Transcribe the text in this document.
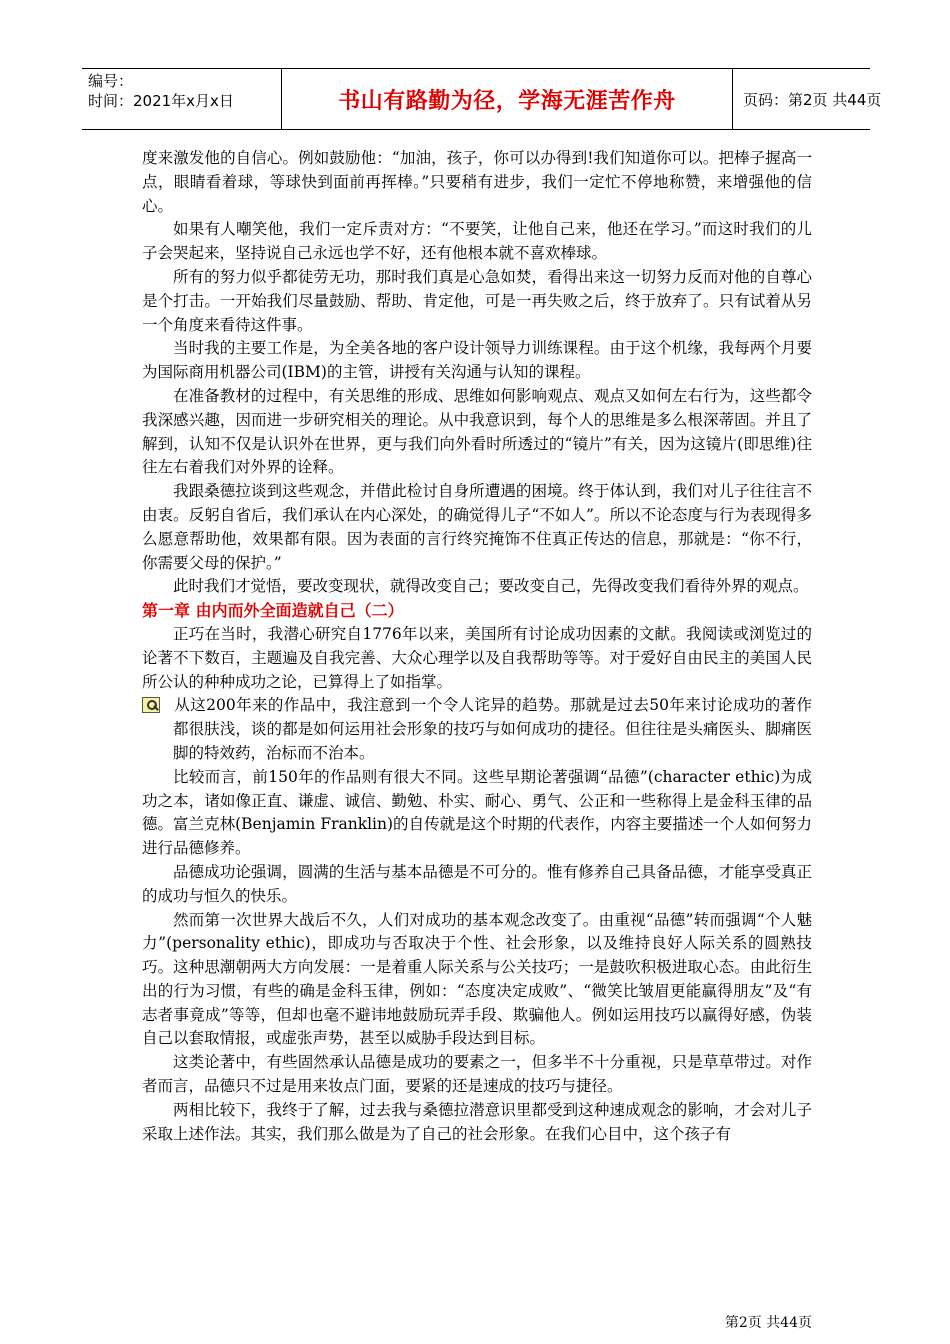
编号：
时间：2021年x月x日	书山有路勤为径，学海无涯苦作舟	页码：第2页 共44页

度来激发他的自信心。例如鼓励他：“加油，孩子，你可以办得到!我们知道你可以。把棒子握高一点，眼睛看着球，等球快到面前再挥棒。”只要稍有进步，我们一定忙不停地称赞，来增强他的信心。

如果有人嘲笑他，我们一定斥责对方：“不要笑，让他自己来，他还在学习。”而这时我们的儿子会哭起来，坚持说自己永远也学不好，还有他根本就不喜欢棒球。

所有的努力似乎都徒劳无功，那时我们真是心急如焚，看得出来这一切努力反而对他的自尊心是个打击。一开始我们尽量鼓励、帮助、肯定他，可是一再失败之后，终于放弃了。只有试着从另一个角度来看待这件事。

当时我的主要工作是，为全美各地的客户设计领导力训练课程。由于这个机缘，我每两个月要为国际商用机器公司(IBM)的主管，讲授有关沟通与认知的课程。

在准备教材的过程中，有关思维的形成、思维如何影响观点、观点又如何左右行为，这些都令我深感兴趣，因而进一步研究相关的理论。从中我意识到，每个人的思维是多么根深蒂固。并且了解到，认知不仅是认识外在世界，更与我们向外看时所透过的“镜片”有关，因为这镜片(即思维)往往左右着我们对外界的诠释。

我跟桑德拉谈到这些观念，并借此检讨自身所遭遇的困境。终于体认到，我们对儿子往往言不由衷。反躬自省后，我们承认在内心深处，的确觉得儿子“不如人”。所以不论态度与行为表现得多么愿意帮助他，效果都有限。因为表面的言行终究掩饰不住真正传达的信息，那就是：“你不行，你需要父母的保护。”

此时我们才觉悟，要改变现状，就得改变自己；要改变自己，先得改变我们看待外界的观点。

第一章 由内而外全面造就自己（二）

正巧在当时，我潜心研究自1776年以来，美国所有讨论成功因素的文献。我阅读或浏览过的论著不下数百，主题遍及自我完善、大众心理学以及自我帮助等等。对于爱好自由民主的美国人民所公认的种种成功之论，已算得上了如指掌。

从这200年来的作品中，我注意到一个令人诧异的趋势。那就是过去50年来讨论成功的著作都很肤浅，谈的都是如何运用社会形象的技巧与如何成功的捷径。但往往是头痛医头、脚痛医脚的特效药，治标而不治本。

比较而言，前150年的作品则有很大不同。这些早期论著强调“品德”(character ethic)为成功之本，诸如像正直、谦虚、诚信、勤勉、朴实、耐心、勇气、公正和一些称得上是金科玉律的品德。富兰克林(Benjamin Franklin)的自传就是这个时期的代表作，内容主要描述一个人如何努力进行品德修养。

品德成功论强调，圆满的生活与基本品德是不可分的。惟有修养自己具备品德，才能享受真正的成功与恒久的快乐。

然而第一次世界大战后不久，人们对成功的基本观念改变了。由重视“品德”转而强调“个人魅力”(personality ethic)，即成功与否取决于个性、社会形象，以及维持良好人际关系的圆熟技巧。这种思潮朝两大方向发展：一是着重人际关系与公关技巧；一是鼓吹积极进取心态。由此衍生出的行为习惯，有些的确是金科玉律，例如：“态度决定成败”、“微笑比皱眉更能赢得朋友”及“有志者事竟成”等等，但却也毫不避讳地鼓励玩弄手段、欺骗他人。例如运用技巧以赢得好感，伪装自己以套取情报，或虚张声势，甚至以威胁手段达到目标。

这类论著中，有些固然承认品德是成功的要素之一，但多半不十分重视，只是草草带过。对作者而言，品德只不过是用来妆点门面，要紧的还是速成的技巧与捷径。

两相比较下，我终于了解，过去我与桑德拉潜意识里都受到这种速成观念的影响，才会对儿子采取上述作法。其实，我们那么做是为了自己的社会形象。在我们心目中，这个孩子有

第2页 共44页
